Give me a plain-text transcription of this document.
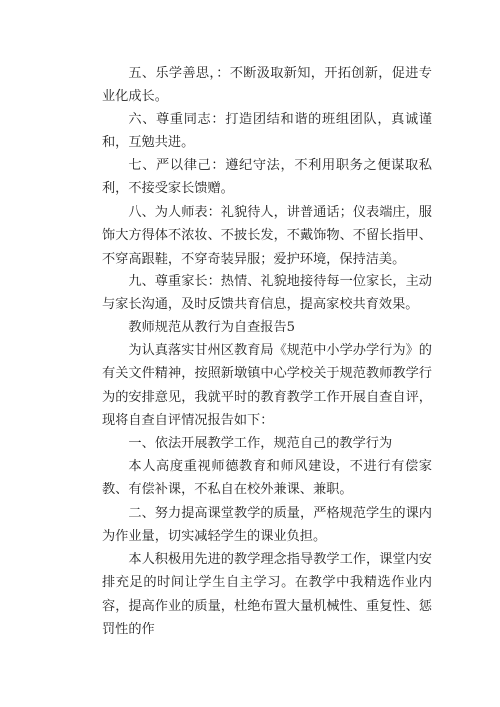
五、乐学善思，：不断汲取新知，开拓创新，促进专业化成长。

六、尊重同志：打造团结和谐的班组团队，真诚谨和，互勉共进。

七、严以律己：遵纪守法，不利用职务之便谋取私利，不接受家长馈赠。

八、为人师表：礼貌待人，讲普通话；仪表端庄，服饰大方得体不浓妆、不披长发，不戴饰物、不留长指甲、不穿高跟鞋，不穿奇装异服；爱护环境，保持洁美。

九、尊重家长：热情、礼貌地接待每一位家长，主动与家长沟通，及时反馈共育信息，提高家校共育效果。

教师规范从教行为自查报告5

为认真落实甘州区教育局《规范中小学办学行为》的有关文件精神，按照新墩镇中心学校关于规范教师教学行为的安排意见，我就平时的教育教学工作开展自查自评，现将自查自评情况报告如下：

一、依法开展教学工作，规范自己的教学行为

本人高度重视师德教育和师风建设，不进行有偿家教、有偿补课，不私自在校外兼课、兼职。

二、努力提高课堂教学的质量，严格规范学生的课内为作业量，切实减轻学生的课业负担。

本人积极用先进的教学理念指导教学工作，课堂内安排充足的时间让学生自主学习。在教学中我精选作业内容，提高作业的质量，杜绝布置大量机械性、重复性、惩罚性的作
